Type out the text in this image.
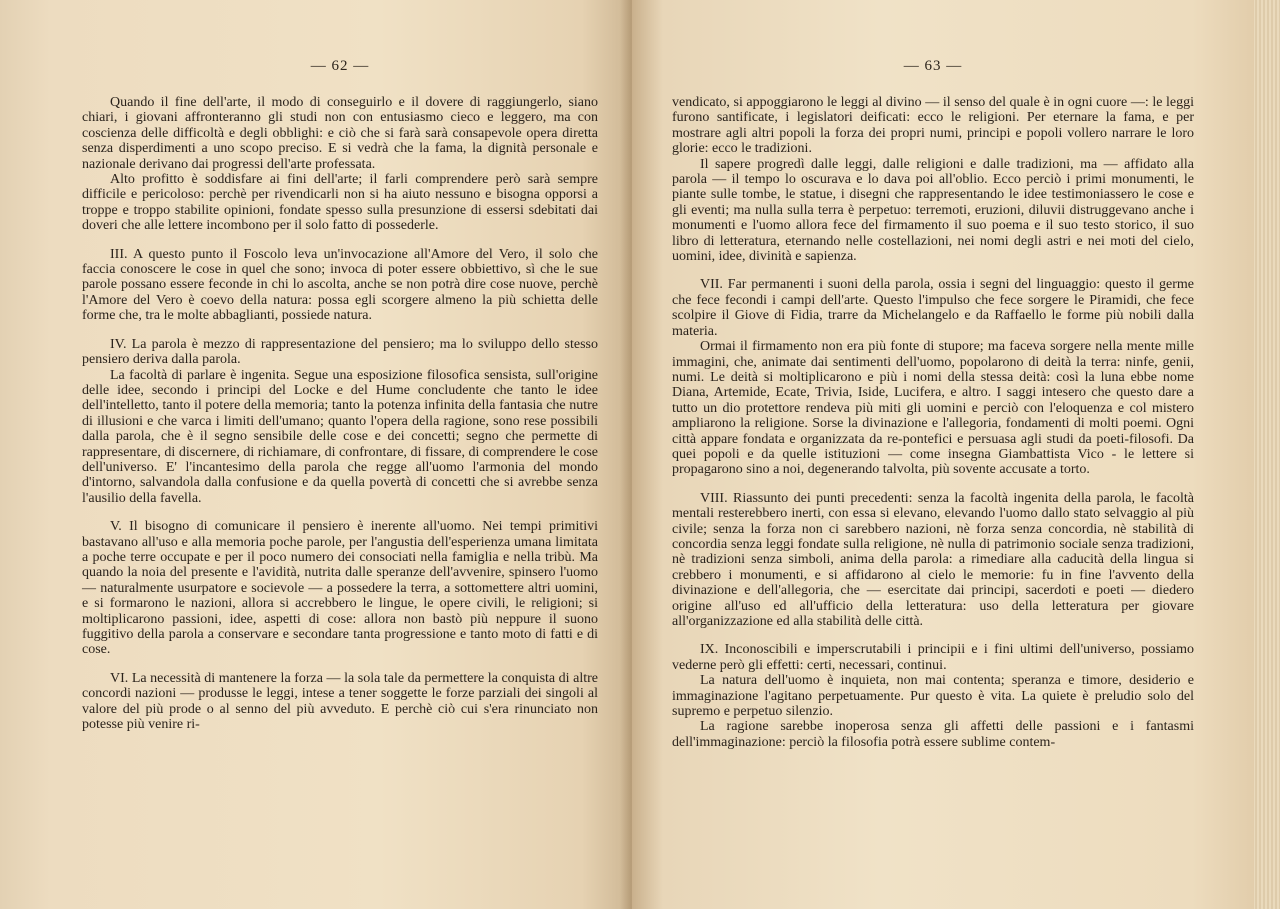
— 62 —

Quando il fine dell'arte, il modo di conseguirlo e il dovere di raggiungerlo, siano chiari, i giovani affronteranno gli studi non con entusiasmo cieco e leggero, ma con coscienza delle difficoltà e degli obblighi: e ciò che si farà sarà consapevole opera diretta senza disperdimenti a uno scopo preciso. E si vedrà che la fama, la dignità personale e nazionale derivano dai progressi dell'arte professata.

Alto profitto è soddisfare ai fini dell'arte; il farli comprendere però sarà sempre difficile e pericoloso: perchè per rivendicarli non si ha aiuto nessuno e bisogna opporsi a troppe e troppo stabilite opinioni, fondate spesso sulla presunzione di essersi sdebitati dai doveri che alle lettere incombono per il solo fatto di possederle.

III. A questo punto il Foscolo leva un'invocazione all'Amore del Vero, il solo che faccia conoscere le cose in quel che sono; invoca di poter essere obbiettivo, sì che le sue parole possano essere feconde in chi lo ascolta, anche se non potrà dire cose nuove, perchè l'Amore del Vero è coevo della natura: possa egli scorgere almeno la più schietta delle forme che, tra le molte abbaglianti, possiede natura.

IV. La parola è mezzo di rappresentazione del pensiero; ma lo sviluppo dello stesso pensiero deriva dalla parola.

La facoltà di parlare è ingenita. Segue una esposizione filosofica sensista, sull'origine delle idee, secondo i principi del Locke e del Hume concludente che tanto le idee dell'intelletto, tanto il potere della memoria; tanto la potenza infinita della fantasia che nutre di illusioni e che varca i limiti dell'umano; quanto l'opera della ragione, sono rese possibili dalla parola, che è il segno sensibile delle cose e dei concetti; segno che permette di rappresentare, di discernere, di richiamare, di confrontare, di fissare, di comprendere le cose dell'universo. E' l'incantesimo della parola che regge all'uomo l'armonia del mondo d'intorno, salvandola dalla confusione e da quella povertà di concetti che si avrebbe senza l'ausilio della favella.

V. Il bisogno di comunicare il pensiero è inerente all'uomo. Nei tempi primitivi bastavano all'uso e alla memoria poche parole, per l'angustia dell'esperienza umana limitata a poche terre occupate e per il poco numero dei consociati nella famiglia e nella tribù. Ma quando la noia del presente e l'avidità, nutrita dalle speranze dell'avvenire, spinsero l'uomo — naturalmente usurpatore e socievole — a possedere la terra, a sottomettere altri uomini, e si formarono le nazioni, allora si accrebbero le lingue, le opere civili, le religioni; si moltiplicarono passioni, idee, aspetti di cose: allora non bastò più neppure il suono fuggitivo della parola a conservare e secondare tanta progressione e tanto moto di fatti e di cose.

VI. La necessità di mantenere la forza — la sola tale da permettere la conquista di altre concordi nazioni — produsse le leggi, intese a tener soggette le forze parziali dei singoli al valore del più prode o al senno del più avveduto. E perchè ciò cui s'era rinunciato non potesse più venire ri-

— 63 —

vendicato, si appoggiarono le leggi al divino — il senso del quale è in ogni cuore —: le leggi furono santificate, i legislatori deificati: ecco le religioni. Per eternare la fama, e per mostrare agli altri popoli la forza dei propri numi, principi e popoli vollero narrare le loro glorie: ecco le tradizioni.

Il sapere progredì dalle leggi, dalle religioni e dalle tradizioni, ma — affidato alla parola — il tempo lo oscurava e lo dava poi all'oblio. Ecco perciò i primi monumenti, le piante sulle tombe, le statue, i disegni che rappresentando le idee testimoniassero le cose e gli eventi; ma nulla sulla terra è perpetuo: terremoti, eruzioni, diluvii distruggevano anche i monumenti e l'uomo allora fece del firmamento il suo poema e il suo testo storico, il suo libro di letteratura, eternando nelle costellazioni, nei nomi degli astri e nei moti del cielo, uomini, idee, divinità e sapienza.

VII. Far permanenti i suoni della parola, ossia i segni del linguaggio: questo il germe che fece fecondi i campi dell'arte. Questo l'impulso che fece sorgere le Piramidi, che fece scolpire il Giove di Fidia, trarre da Michelangelo e da Raffaello le forme più nobili dalla materia.

Ormai il firmamento non era più fonte di stupore; ma faceva sorgere nella mente mille immagini, che, animate dai sentimenti dell'uomo, popolarono di deità la terra: ninfe, genii, numi. Le deità si moltiplicarono e più i nomi della stessa deità: così la luna ebbe nome Diana, Artemide, Ecate, Trivia, Iside, Lucifera, e altro. I saggi intesero che questo dare a tutto un dio protettore rendeva più miti gli uomini e perciò con l'eloquenza e col mistero ampliarono la religione. Sorse la divinazione e l'allegoria, fondamenti di molti poemi. Ogni città appare fondata e organizzata da re-pontefici e persuasa agli studi da poeti-filosofi. Da quei popoli e da quelle istituzioni — come insegna Giambattista Vico - le lettere si propagarono sino a noi, degenerando talvolta, più sovente accusate a torto.

VIII. Riassunto dei punti precedenti: senza la facoltà ingenita della parola, le facoltà mentali resterebbero inerti, con essa si elevano, elevando l'uomo dallo stato selvaggio al più civile; senza la forza non ci sarebbero nazioni, nè forza senza concordia, nè stabilità di concordia senza leggi fondate sulla religione, nè nulla di patrimonio sociale senza tradizioni, nè tradizioni senza simboli, anima della parola: a rimediare alla caducità della lingua si crebbero i monumenti, e si affidarono al cielo le memorie: fu in fine l'avvento della divinazione e dell'allegoria, che — esercitate dai principi, sacerdoti e poeti — diedero origine all'uso ed all'ufficio della letteratura: uso della letteratura per giovare all'organizzazione ed alla stabilità delle città.

IX. Inconoscibili e imperscrutabili i principii e i fini ultimi dell'universo, possiamo vederne però gli effetti: certi, necessari, continui.

La natura dell'uomo è inquieta, non mai contenta; speranza e timore, desiderio e immaginazione l'agitano perpetuamente. Pur questo è vita. La quiete è preludio solo del supremo e perpetuo silenzio.

La ragione sarebbe inoperosa senza gli affetti delle passioni e i fantasmi dell'immaginazione: perciò la filosofia potrà essere sublime contem-
